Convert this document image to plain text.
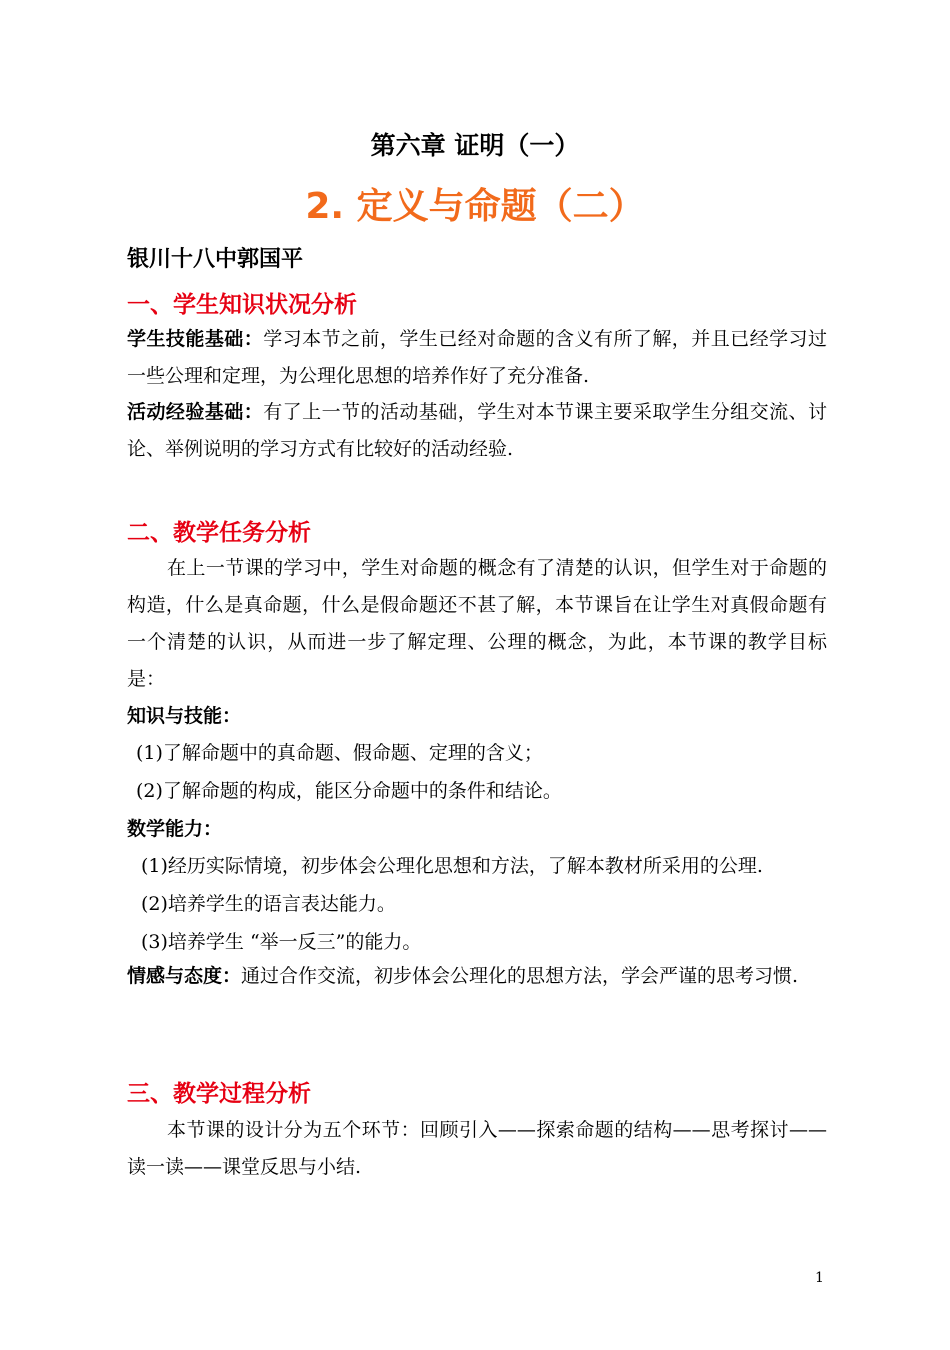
第六章 证明（一）
2. 定义与命题（二）
银川十八中郭国平
一、学生知识状况分析

学生技能基础：学习本节之前，学生已经对命题的含义有所了解，并且已经学习过一些公理和定理，为公理化思想的培养作好了充分准备.

活动经验基础：有了上一节的活动基础，学生对本节课主要采取学生分组交流、讨论、举例说明的学习方式有比较好的活动经验.

二、教学任务分析

在上一节课的学习中，学生对命题的概念有了清楚的认识，但学生对于命题的构造，什么是真命题，什么是假命题还不甚了解，本节课旨在让学生对真假命题有一个清楚的认识，从而进一步了解定理、公理的概念，为此，本节课的教学目标是：

知识与技能：
(1)了解命题中的真命题、假命题、定理的含义；
(2)了解命题的构成，能区分命题中的条件和结论。
数学能力：
(1)经历实际情境，初步体会公理化思想和方法，了解本教材所采用的公理.
(2)培养学生的语言表达能力。
(3)培养学生 “举一反三”的能力。

情感与态度：通过合作交流，初步体会公理化的思想方法，学会严谨的思考习惯.

三、教学过程分析

本节课的设计分为五个环节：回顾引入——探索命题的结构——思考探讨——读一读——课堂反思与小结.

1
